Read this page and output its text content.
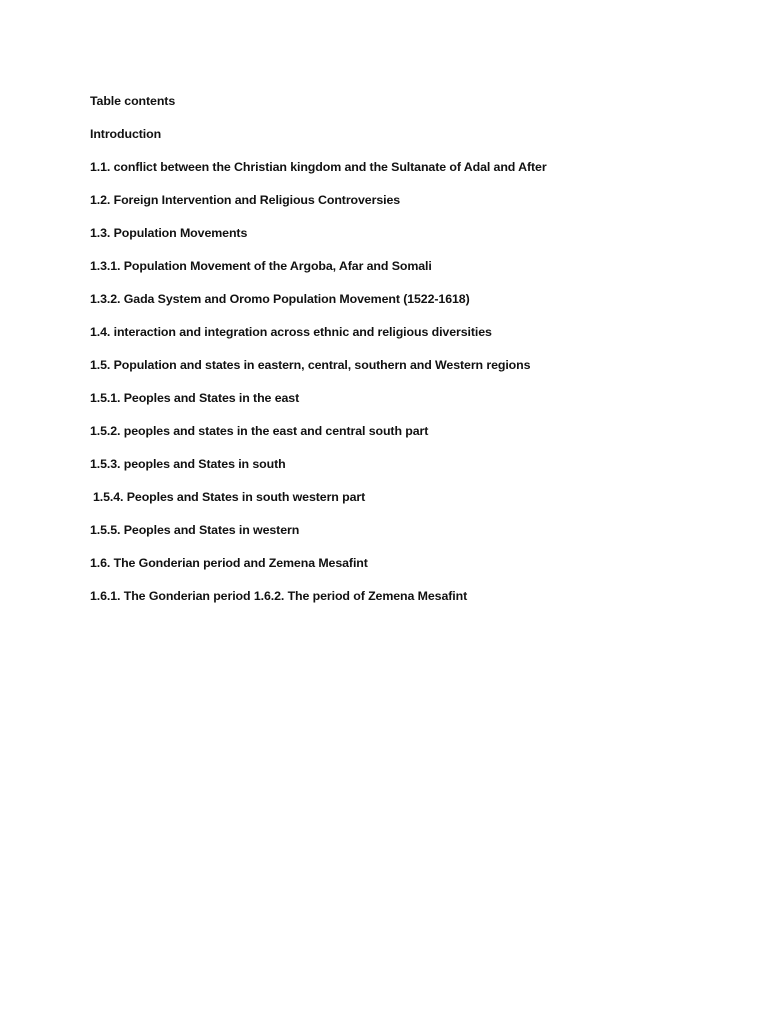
Table contents
Introduction
1.1. conflict between the Christian kingdom and the Sultanate of Adal and After
1.2. Foreign Intervention and Religious Controversies
1.3. Population Movements
1.3.1. Population Movement of the Argoba, Afar and Somali
1.3.2. Gada System and Oromo Population Movement (1522-1618)
1.4. interaction and integration across ethnic and religious diversities
1.5. Population and states in eastern, central, southern and Western regions
1.5.1. Peoples and States in the east
1.5.2. peoples and states in the east and central south part
1.5.3. peoples and States in south
1.5.4. Peoples and States in south western part
1.5.5. Peoples and States in western
1.6. The Gonderian period and Zemena Mesafint
1.6.1. The Gonderian period 1.6.2. The period of Zemena Mesafint
